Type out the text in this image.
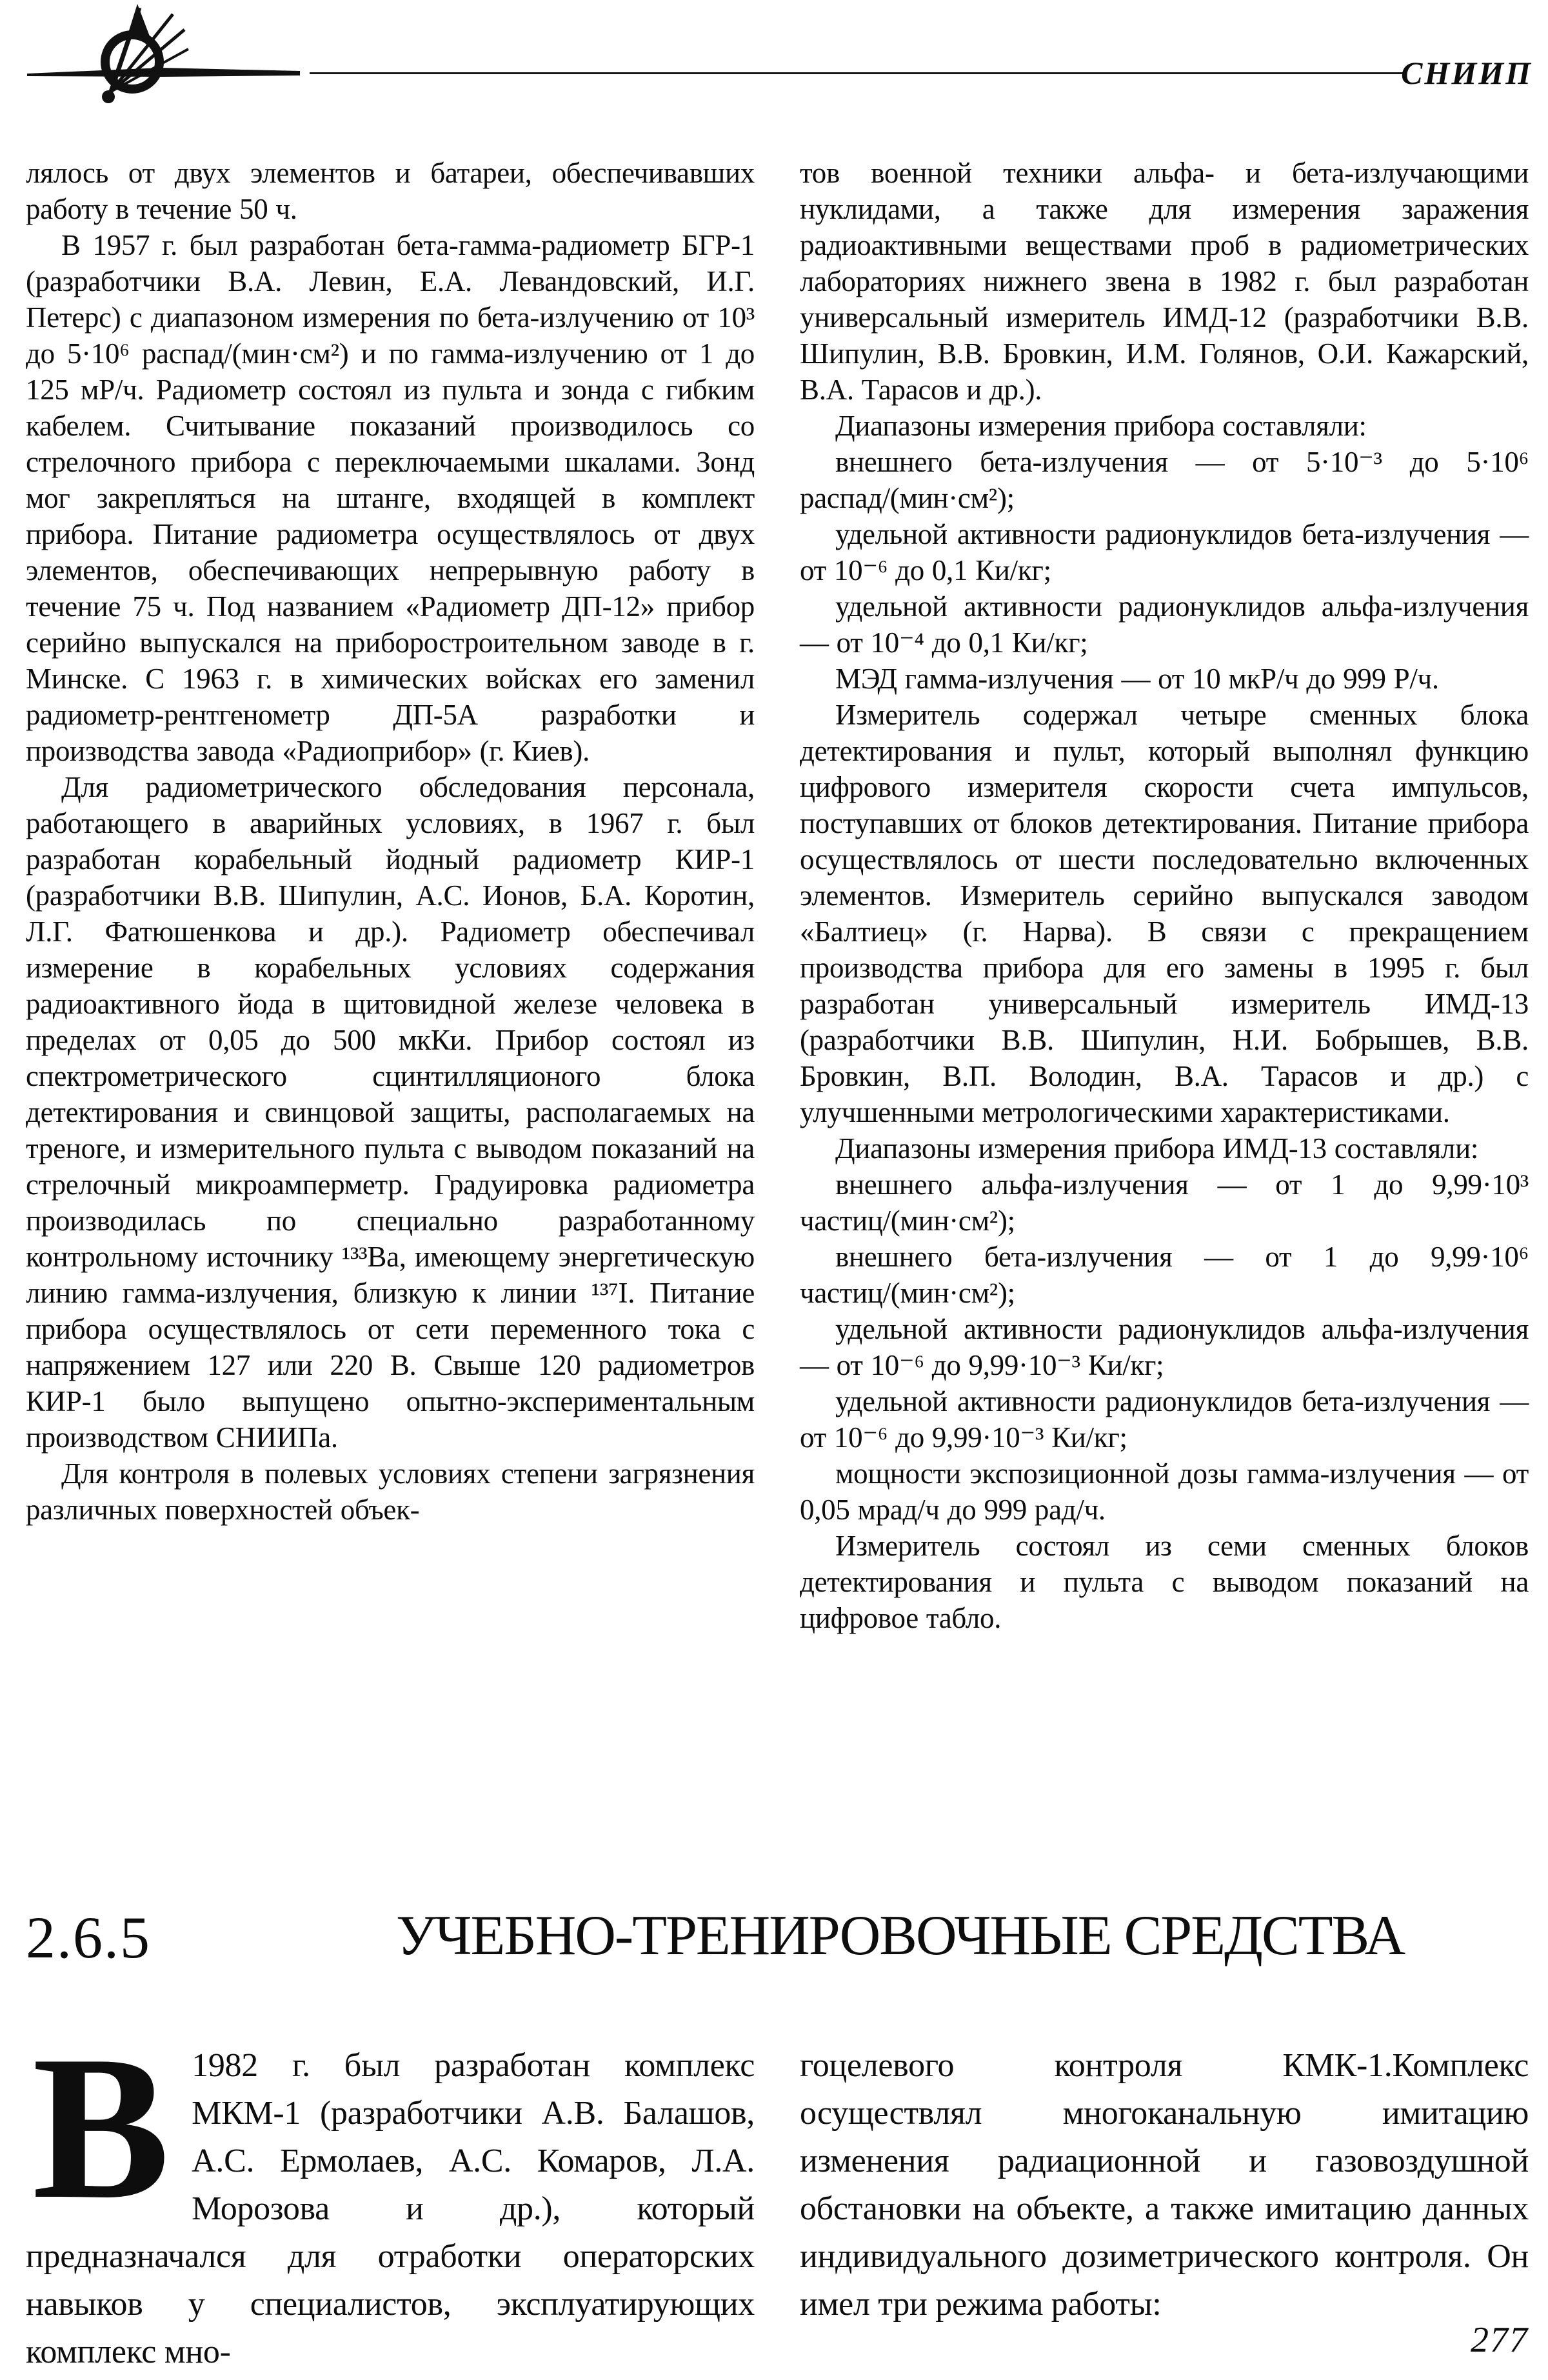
СНИИП

лялось от двух элементов и батареи, обеспечивавших работу в течение 50 ч.

В 1957 г. был разработан бета-гамма-радиометр БГР-1 (разработчики В.А. Левин, Е.А. Левандовский, И.Г. Петерс) с диапазоном измерения по бета-излучению от 10³ до 5·10⁶ распад/(мин·см²) и по гамма-излучению от 1 до 125 мР/ч. Радиометр состоял из пульта и зонда с гибким кабелем. Считывание показаний производилось со стрелочного прибора с переключаемыми шкалами. Зонд мог закрепляться на штанге, входящей в комплект прибора. Питание радиометра осуществлялось от двух элементов, обеспечивающих непрерывную работу в течение 75 ч. Под названием «Радиометр ДП-12» прибор серийно выпускался на приборостроительном заводе в г. Минске. С 1963 г. в химических войсках его заменил радиометр-рентгенометр ДП-5А разработки и производства завода «Радиоприбор» (г. Киев).

Для радиометрического обследования персонала, работающего в аварийных условиях, в 1967 г. был разработан корабельный йодный радиометр КИР-1 (разработчики В.В. Шипулин, А.С. Ионов, Б.А. Коротин, Л.Г. Фатюшенкова и др.). Радиометр обеспечивал измерение в корабельных условиях содержания радиоактивного йода в щитовидной железе человека в пределах от 0,05 до 500 мкКи. Прибор состоял из спектрометрического сцинтилляционого блока детектирования и свинцовой защиты, располагаемых на треноге, и измерительного пульта с выводом показаний на стрелочный микроамперметр. Градуировка радиометра производилась по специально разработанному контрольному источнику ¹³³Ва, имеющему энергетическую линию гамма-излучения, близкую к линии ¹³⁷I. Питание прибора осуществлялось от сети переменного тока с напряжением 127 или 220 В. Свыше 120 радиометров КИР-1 было выпущено опытно-экспериментальным производством СНИИПа.

Для контроля в полевых условиях степени загрязнения различных поверхностей объек-

тов военной техники альфа- и бета-излучающими нуклидами, а также для измерения заражения радиоактивными веществами проб в радиометрических лабораториях нижнего звена в 1982 г. был разработан универсальный измеритель ИМД-12 (разработчики В.В. Шипулин, В.В. Бровкин, И.М. Голянов, О.И. Кажарский, В.А. Тарасов и др.).

Диапазоны измерения прибора составляли:

внешнего бета-излучения — от 5·10⁻³ до 5·10⁶ распад/(мин·см²);

удельной активности радионуклидов бета-излучения — от 10⁻⁶ до 0,1 Ки/кг;

удельной активности радионуклидов альфа-излучения — от 10⁻⁴ до 0,1 Ки/кг;

МЭД гамма-излучения — от 10 мкР/ч до 999 Р/ч.

Измеритель содержал четыре сменных блока детектирования и пульт, который выполнял функцию цифрового измерителя скорости счета импульсов, поступавших от блоков детектирования. Питание прибора осуществлялось от шести последовательно включенных элементов. Измеритель серийно выпускался заводом «Балтиец» (г. Нарва). В связи с прекращением производства прибора для его замены в 1995 г. был разработан универсальный измеритель ИМД-13 (разработчики В.В. Шипулин, Н.И. Бобрышев, В.В. Бровкин, В.П. Володин, В.А. Тарасов и др.) с улучшенными метрологическими характеристиками.

Диапазоны измерения прибора ИМД-13 составляли:

внешнего альфа-излучения — от 1 до 9,99·10³ частиц/(мин·см²);

внешнего бета-излучения — от 1 до 9,99·10⁶ частиц/(мин·см²);

удельной активности радионуклидов альфа-излучения — от 10⁻⁶ до 9,99·10⁻³ Ки/кг;

удельной активности радионуклидов бета-излучения — от 10⁻⁶ до 9,99·10⁻³ Ки/кг;

мощности экспозиционной дозы гамма-излучения — от 0,05 мрад/ч до 999 рад/ч.

Измеритель состоял из семи сменных блоков детектирования и пульта с выводом показаний на цифровое табло.

2.6.5	УЧЕБНО-ТРЕНИРОВОЧНЫЕ СРЕДСТВА

В 1982 г. был разработан комплекс МКМ-1 (разработчики А.В. Балашов, А.С. Ермолаев, А.С. Комаров, Л.А. Морозова и др.), который предназначался для отработки операторских навыков у специалистов, эксплуатирующих комплекс мно-

гоцелевого контроля КМК-1.Комплекс осуществлял многоканальную имитацию изменения радиационной и газовоздушной обстановки на объекте, а также имитацию данных индивидуального дозиметрического контроля. Он имел три режима работы:

277
